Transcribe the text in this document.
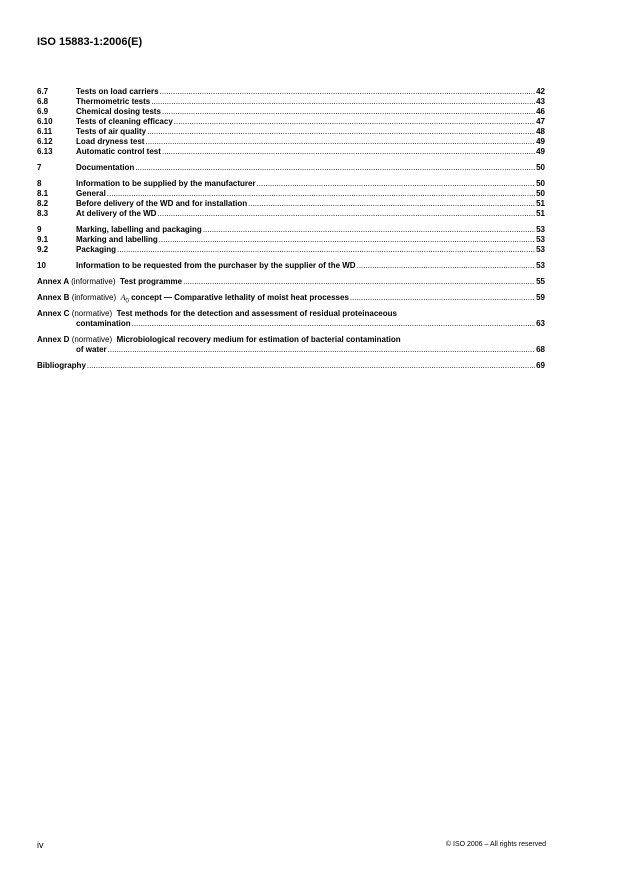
ISO 15883-1:2006(E)
6.7	Tests on load carriers .....	42
6.8	Thermometric tests .....	43
6.9	Chemical dosing tests .....	46
6.10	Tests of cleaning efficacy .....	47
6.11	Tests of air quality .....	48
6.12	Load dryness test .....	49
6.13	Automatic control test .....	49
7	Documentation .....	50
8	Information to be supplied by the manufacturer .....	50
8.1	General .....	50
8.2	Before delivery of the WD and for installation .....	51
8.3	At delivery of the WD .....	51
9	Marking, labelling and packaging .....	53
9.1	Marking and labelling .....	53
9.2	Packaging .....	53
10	Information to be requested from the purchaser by the supplier of the WD .....	53
Annex A (informative) Test programme .....	55
Annex B (informative) $A_0$ concept — Comparative lethality of moist heat processes .....	59
Annex C (normative) Test methods for the detection and assessment of residual proteinaceous
contamination .....	63
Annex D (normative) Microbiological recovery medium for estimation of bacterial contamination
of water .....	68
Bibliography .....	69
iv	© ISO 2006 – All rights reserved
